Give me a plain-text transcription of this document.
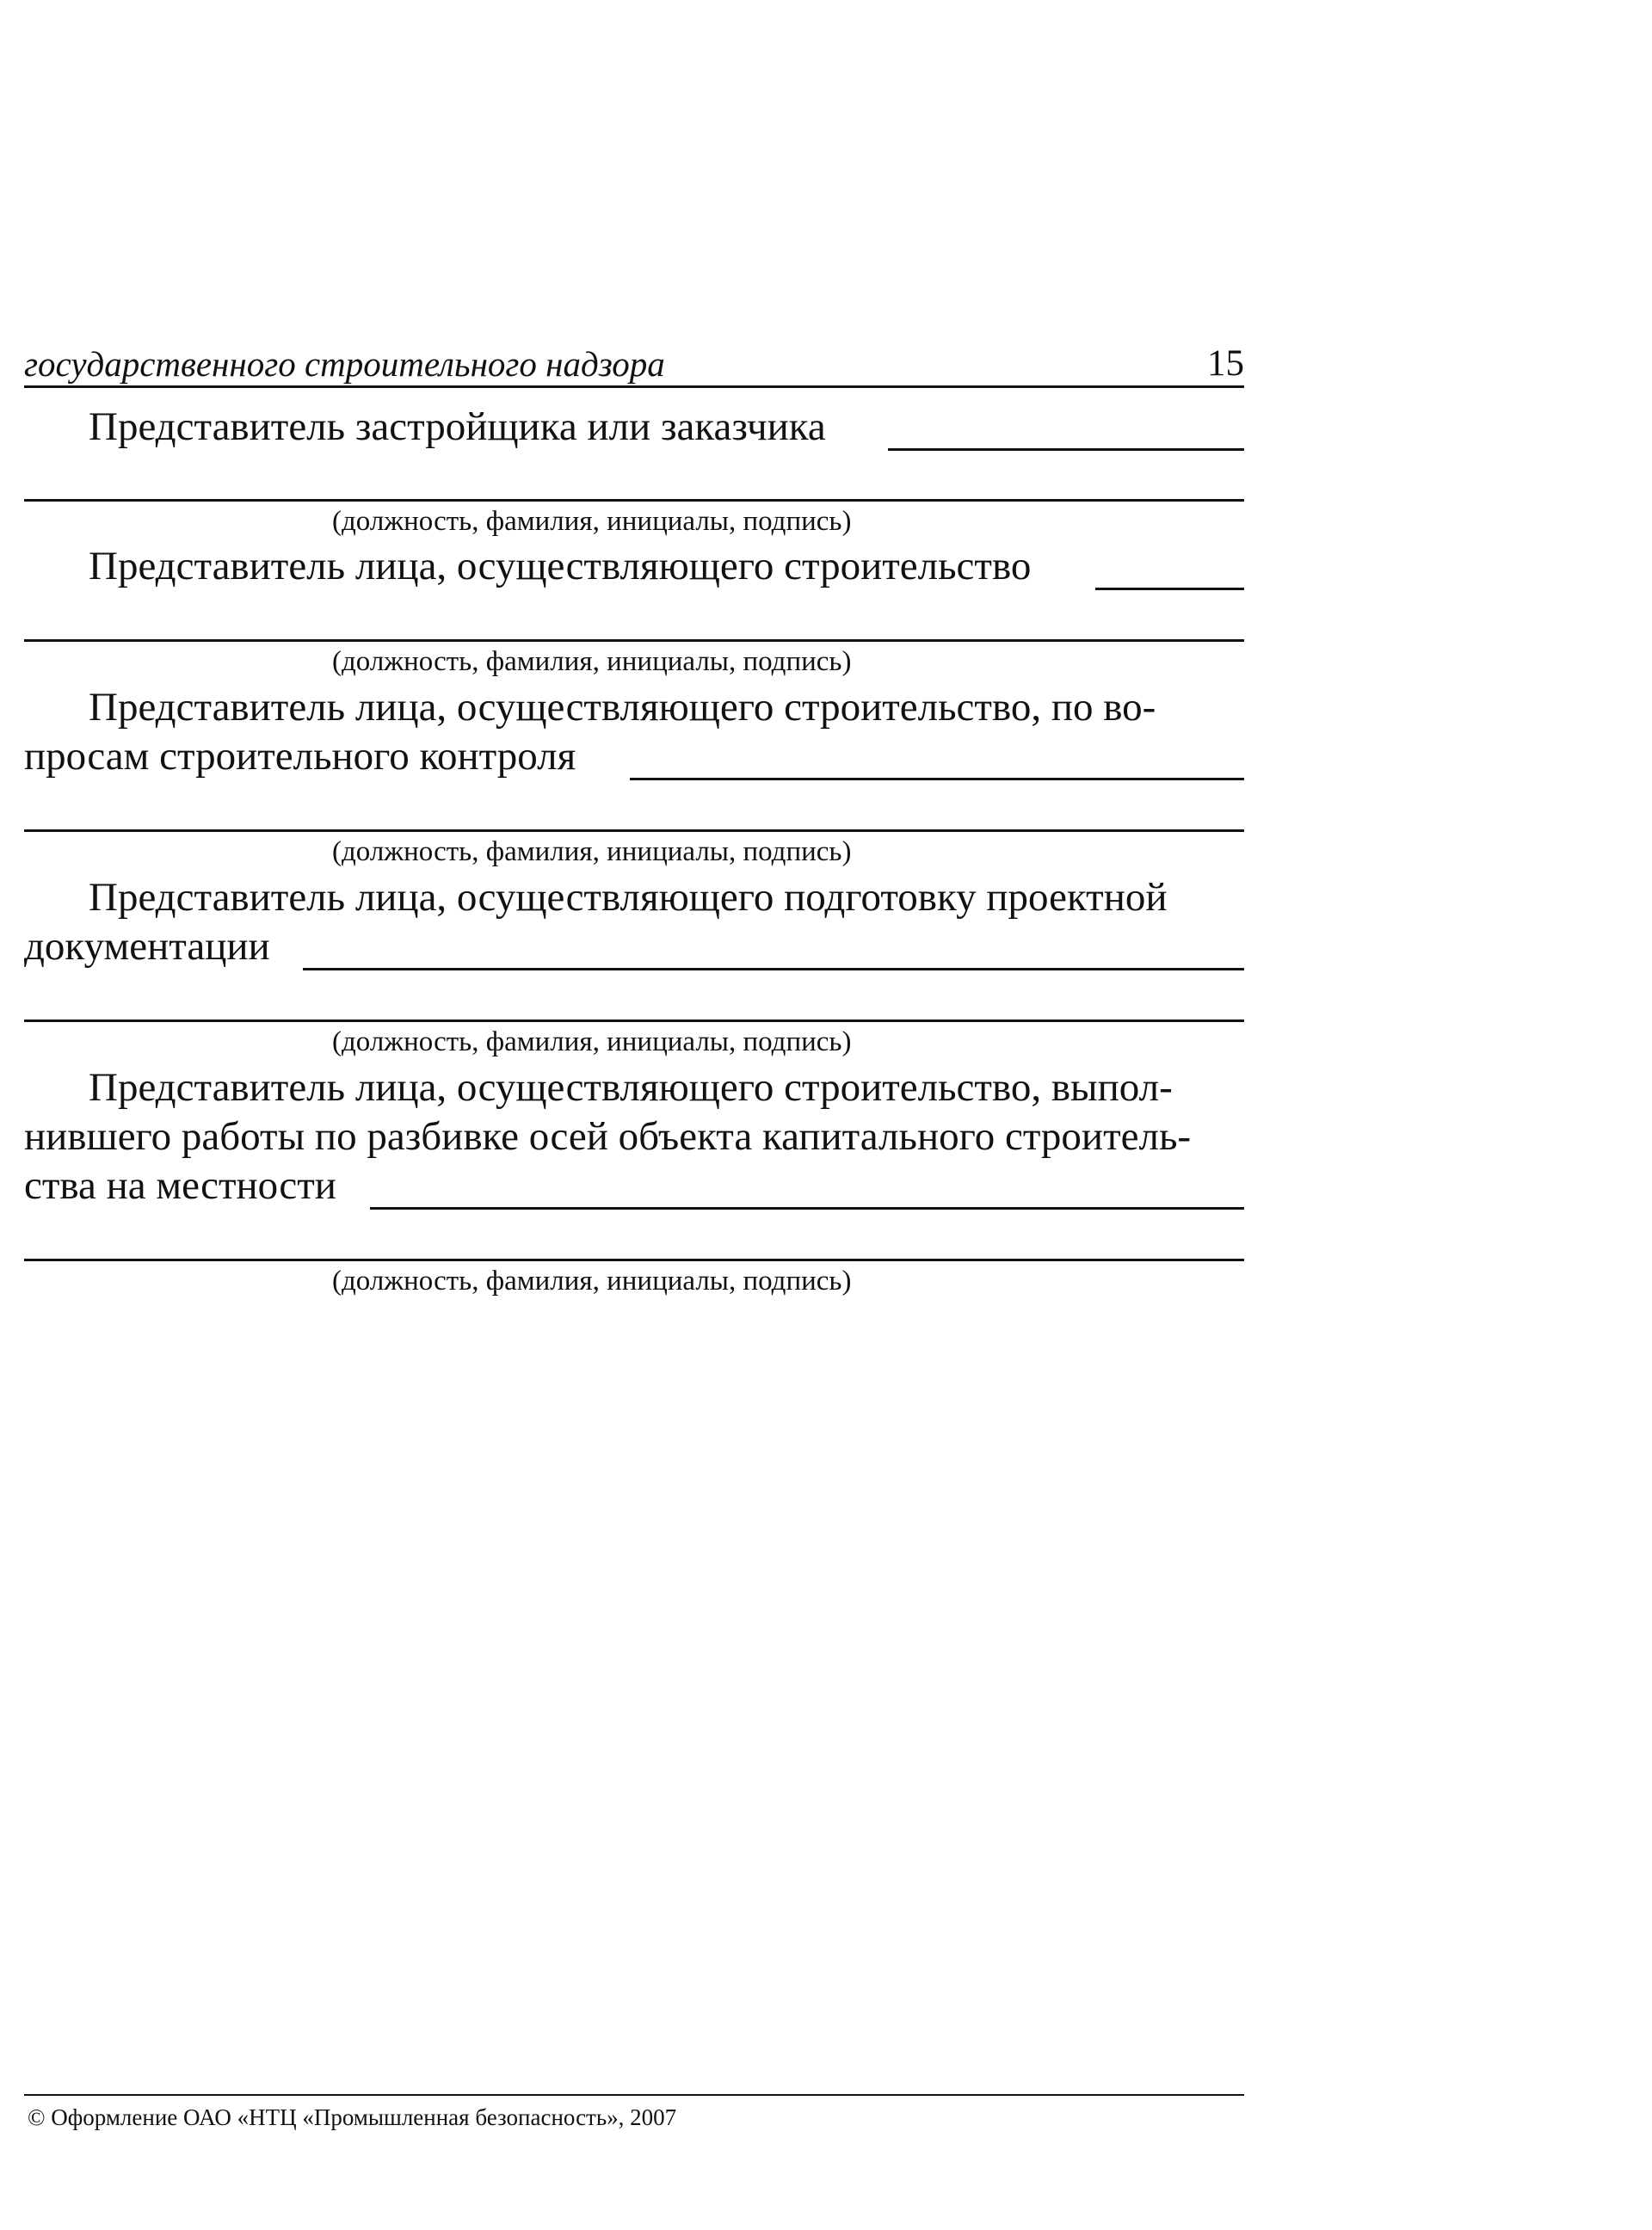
государственного строительного надзора	15
Представитель застройщика или заказчика
(должность, фамилия, инициалы, подпись)
Представитель лица, осуществляющего строительство
(должность, фамилия, инициалы, подпись)
Представитель лица, осуществляющего строительство, по во-
просам строительного контроля
(должность, фамилия, инициалы, подпись)
Представитель лица, осуществляющего подготовку проектной
документации
(должность, фамилия, инициалы, подпись)
Представитель лица, осуществляющего строительство, выпол-
нившего работы по разбивке осей объекта капитального строитель-
ства на местности
(должность, фамилия, инициалы, подпись)
© Оформление ОАО «НТЦ «Промышленная безопасность», 2007
